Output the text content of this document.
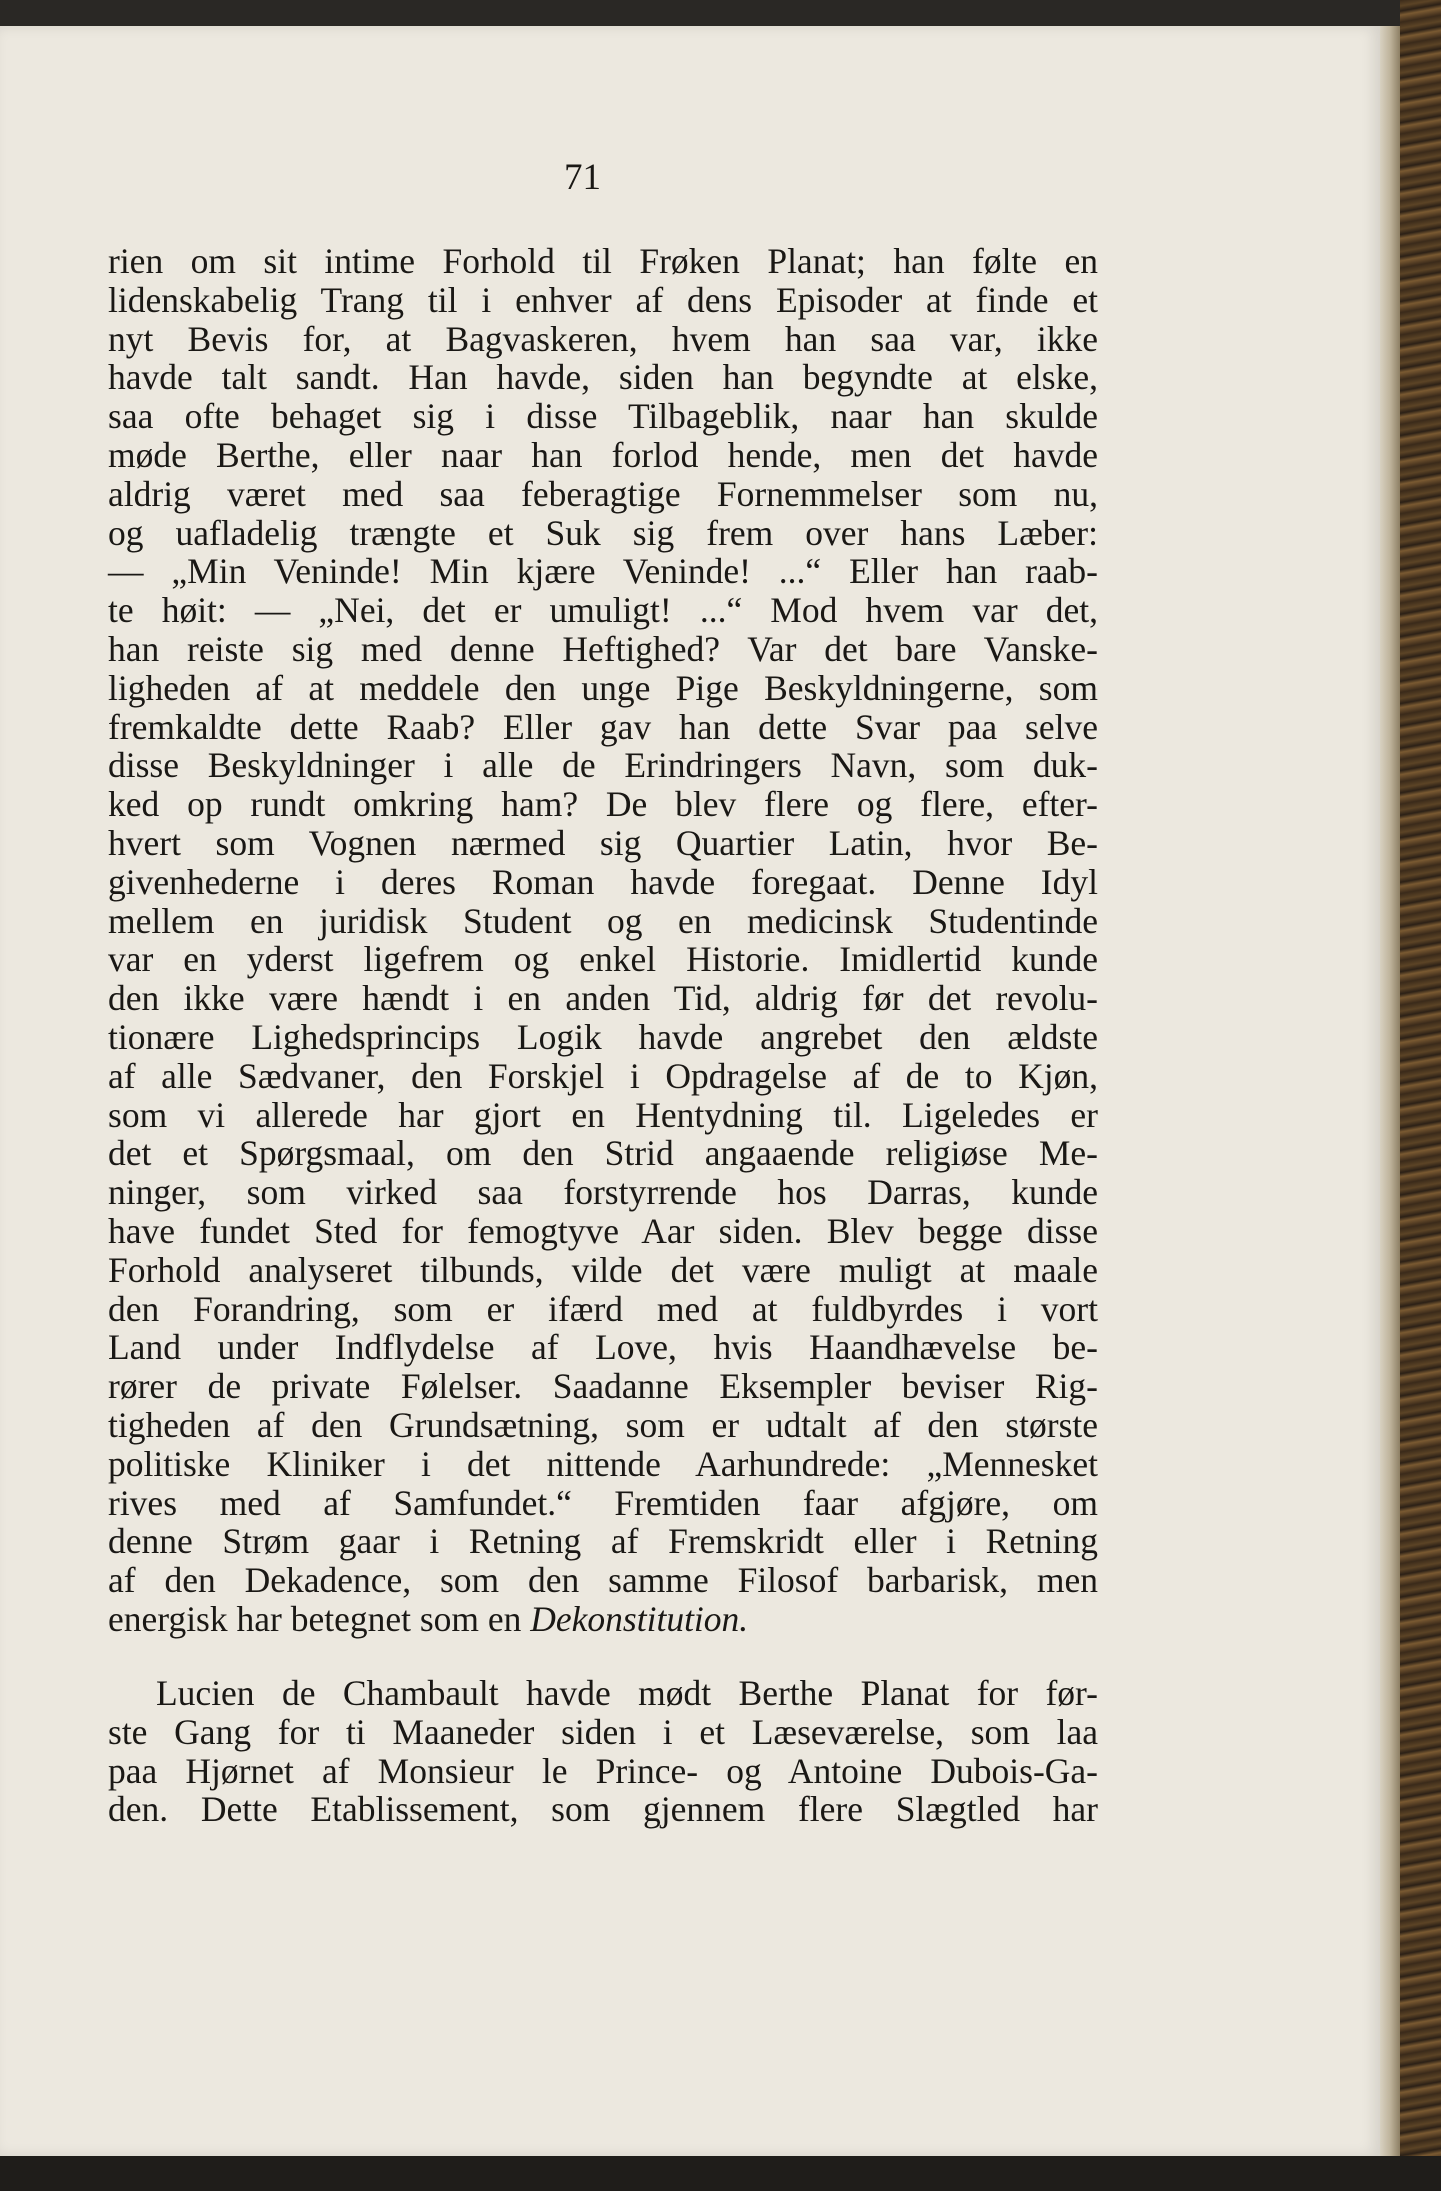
71
rien om sit intime Forhold til Frøken Planat; han følte en
lidenskabelig Trang til i enhver af dens Episoder at finde et
nyt Bevis for, at Bagvaskeren, hvem han saa var, ikke
havde talt sandt. Han havde, siden han begyndte at elske,
saa ofte behaget sig i disse Tilbageblik, naar han skulde
møde Berthe, eller naar han forlod hende, men det havde
aldrig været med saa feberagtige Fornemmelser som nu,
og uafladelig trængte et Suk sig frem over hans Læber:
— „Min Veninde! Min kjære Veninde! ...“ Eller han raab-
te høit: — „Nei, det er umuligt! ...“ Mod hvem var det,
han reiste sig med denne Heftighed? Var det bare Vanske-
ligheden af at meddele den unge Pige Beskyldningerne, som
fremkaldte dette Raab? Eller gav han dette Svar paa selve
disse Beskyldninger i alle de Erindringers Navn, som duk-
ked op rundt omkring ham? De blev flere og flere, efter-
hvert som Vognen nærmed sig Quartier Latin, hvor Be-
givenhederne i deres Roman havde foregaat. Denne Idyl
mellem en juridisk Student og en medicinsk Studentinde
var en yderst ligefrem og enkel Historie. Imidlertid kunde
den ikke være hændt i en anden Tid, aldrig før det revolu-
tionære Lighedsprincips Logik havde angrebet den ældste
af alle Sædvaner, den Forskjel i Opdragelse af de to Kjøn,
som vi allerede har gjort en Hentydning til. Ligeledes er
det et Spørgsmaal, om den Strid angaaende religiøse Me-
ninger, som virked saa forstyrrende hos Darras, kunde
have fundet Sted for femogtyve Aar siden. Blev begge disse
Forhold analyseret tilbunds, vilde det være muligt at maale
den Forandring, som er ifærd med at fuldbyrdes i vort
Land under Indflydelse af Love, hvis Haandhævelse be-
rører de private Følelser. Saadanne Eksempler beviser Rig-
tigheden af den Grundsætning, som er udtalt af den største
politiske Kliniker i det nittende Aarhundrede: „Mennesket
rives med af Samfundet.“ Fremtiden faar afgjøre, om
denne Strøm gaar i Retning af Fremskridt eller i Retning
af den Dekadence, som den samme Filosof barbarisk, men
energisk har betegnet som en Dekonstitution.
Lucien de Chambault havde mødt Berthe Planat for før-
ste Gang for ti Maaneder siden i et Læseværelse, som laa
paa Hjørnet af Monsieur le Prince- og Antoine Dubois-Ga-
den. Dette Etablissement, som gjennem flere Slægtled har
